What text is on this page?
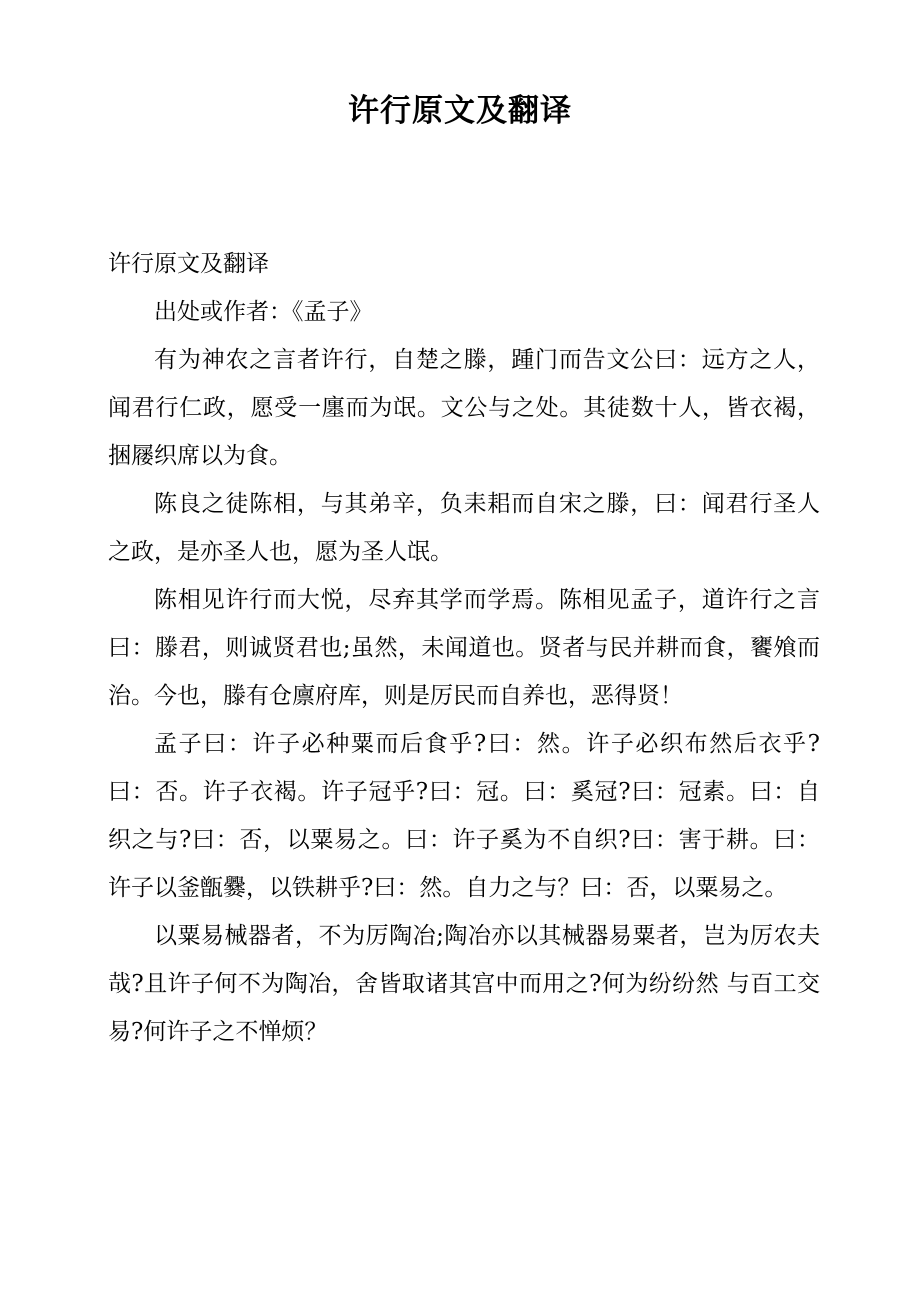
许行原文及翻译

许行原文及翻译

出处或作者：《孟子》

有为神农之言者许行，自楚之滕，踵门而告文公曰：远方之人，闻君行仁政，愿受一廛而为氓。文公与之处。其徒数十人，皆衣褐，捆屦织席以为食。

陈良之徒陈相，与其弟辛，负耒耜而自宋之滕，曰：闻君行圣人之政，是亦圣人也，愿为圣人氓。

陈相见许行而大悦，尽弃其学而学焉。陈相见孟子，道许行之言曰：滕君，则诚贤君也;虽然，未闻道也。贤者与民并耕而食，饔飧而治。今也，滕有仓廪府库，则是厉民而自养也，恶得贤！

孟子曰：许子必种粟而后食乎?曰：然。许子必织布然后衣乎?曰：否。许子衣褐。许子冠乎?曰：冠。曰：奚冠?曰：冠素。曰：自织之与?曰：否，以粟易之。曰：许子奚为不自织?曰：害于耕。曰：许子以釜甑爨，以铁耕乎?曰：然。自力之与？曰：否，以粟易之。

以粟易械器者，不为厉陶冶;陶冶亦以其械器易粟者，岂为厉农夫哉?且许子何不为陶冶，舍皆取诸其宫中而用之?何为纷纷然 与百工交易?何许子之不惮烦？
